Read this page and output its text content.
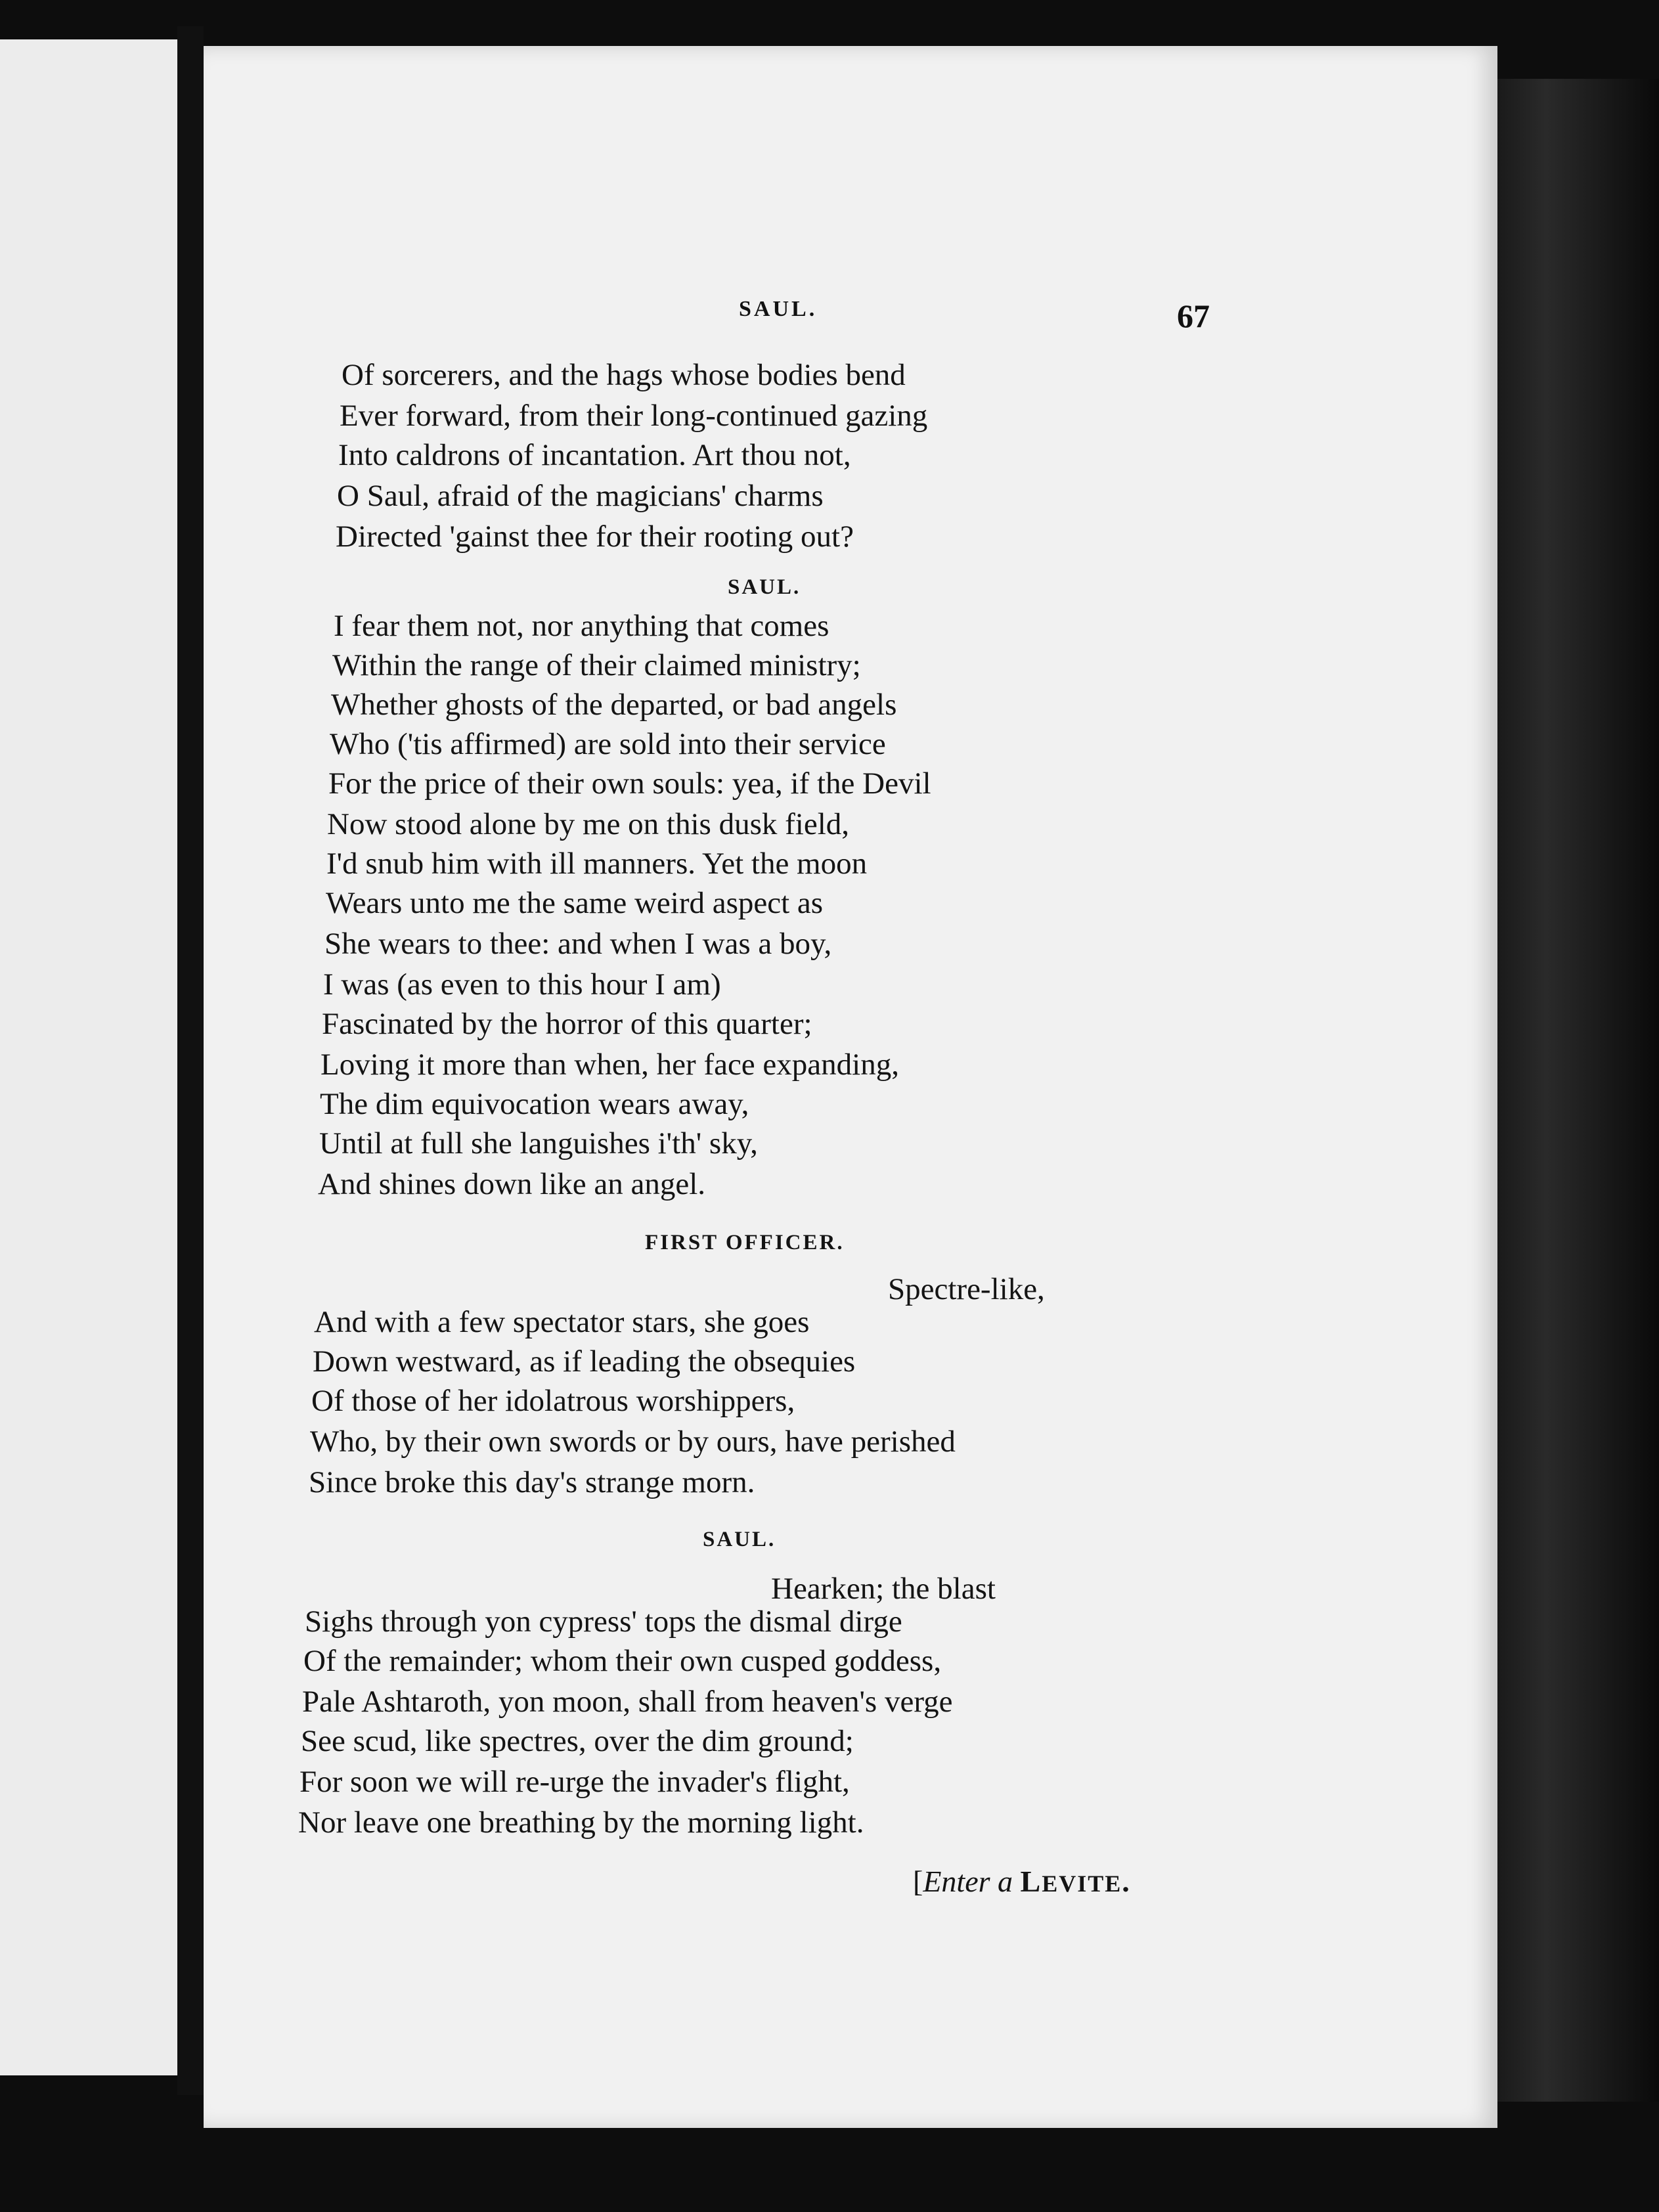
SAUL.	67
Of sorcerers, and the hags whose bodies bend
Ever forward, from their long-continued gazing
Into caldrons of incantation. Art thou not,
O Saul, afraid of the magicians' charms
Directed 'gainst thee for their rooting out?
SAUL.
I fear them not, nor anything that comes
Within the range of their claimed ministry;
Whether ghosts of the departed, or bad angels
Who ('tis affirmed) are sold into their service
For the price of their own souls: yea, if the Devil
Now stood alone by me on this dusk field,
I'd snub him with ill manners. Yet the moon
Wears unto me the same weird aspect as
She wears to thee: and when I was a boy,
I was (as even to this hour I am)
Fascinated by the horror of this quarter;
Loving it more than when, her face expanding,
The dim equivocation wears away,
Until at full she languishes i'th' sky,
And shines down like an angel.
FIRST OFFICER.
Spectre-like,
And with a few spectator stars, she goes
Down westward, as if leading the obsequies
Of those of her idolatrous worshippers,
Who, by their own swords or by ours, have perished
Since broke this day's strange morn.
SAUL.
Hearken; the blast
Sighs through yon cypress' tops the dismal dirge
Of the remainder; whom their own cusped goddess,
Pale Ashtaroth, yon moon, shall from heaven's verge
See scud, like spectres, over the dim ground;
For soon we will re-urge the invader's flight,
Nor leave one breathing by the morning light.
[Enter a LEVITE.
